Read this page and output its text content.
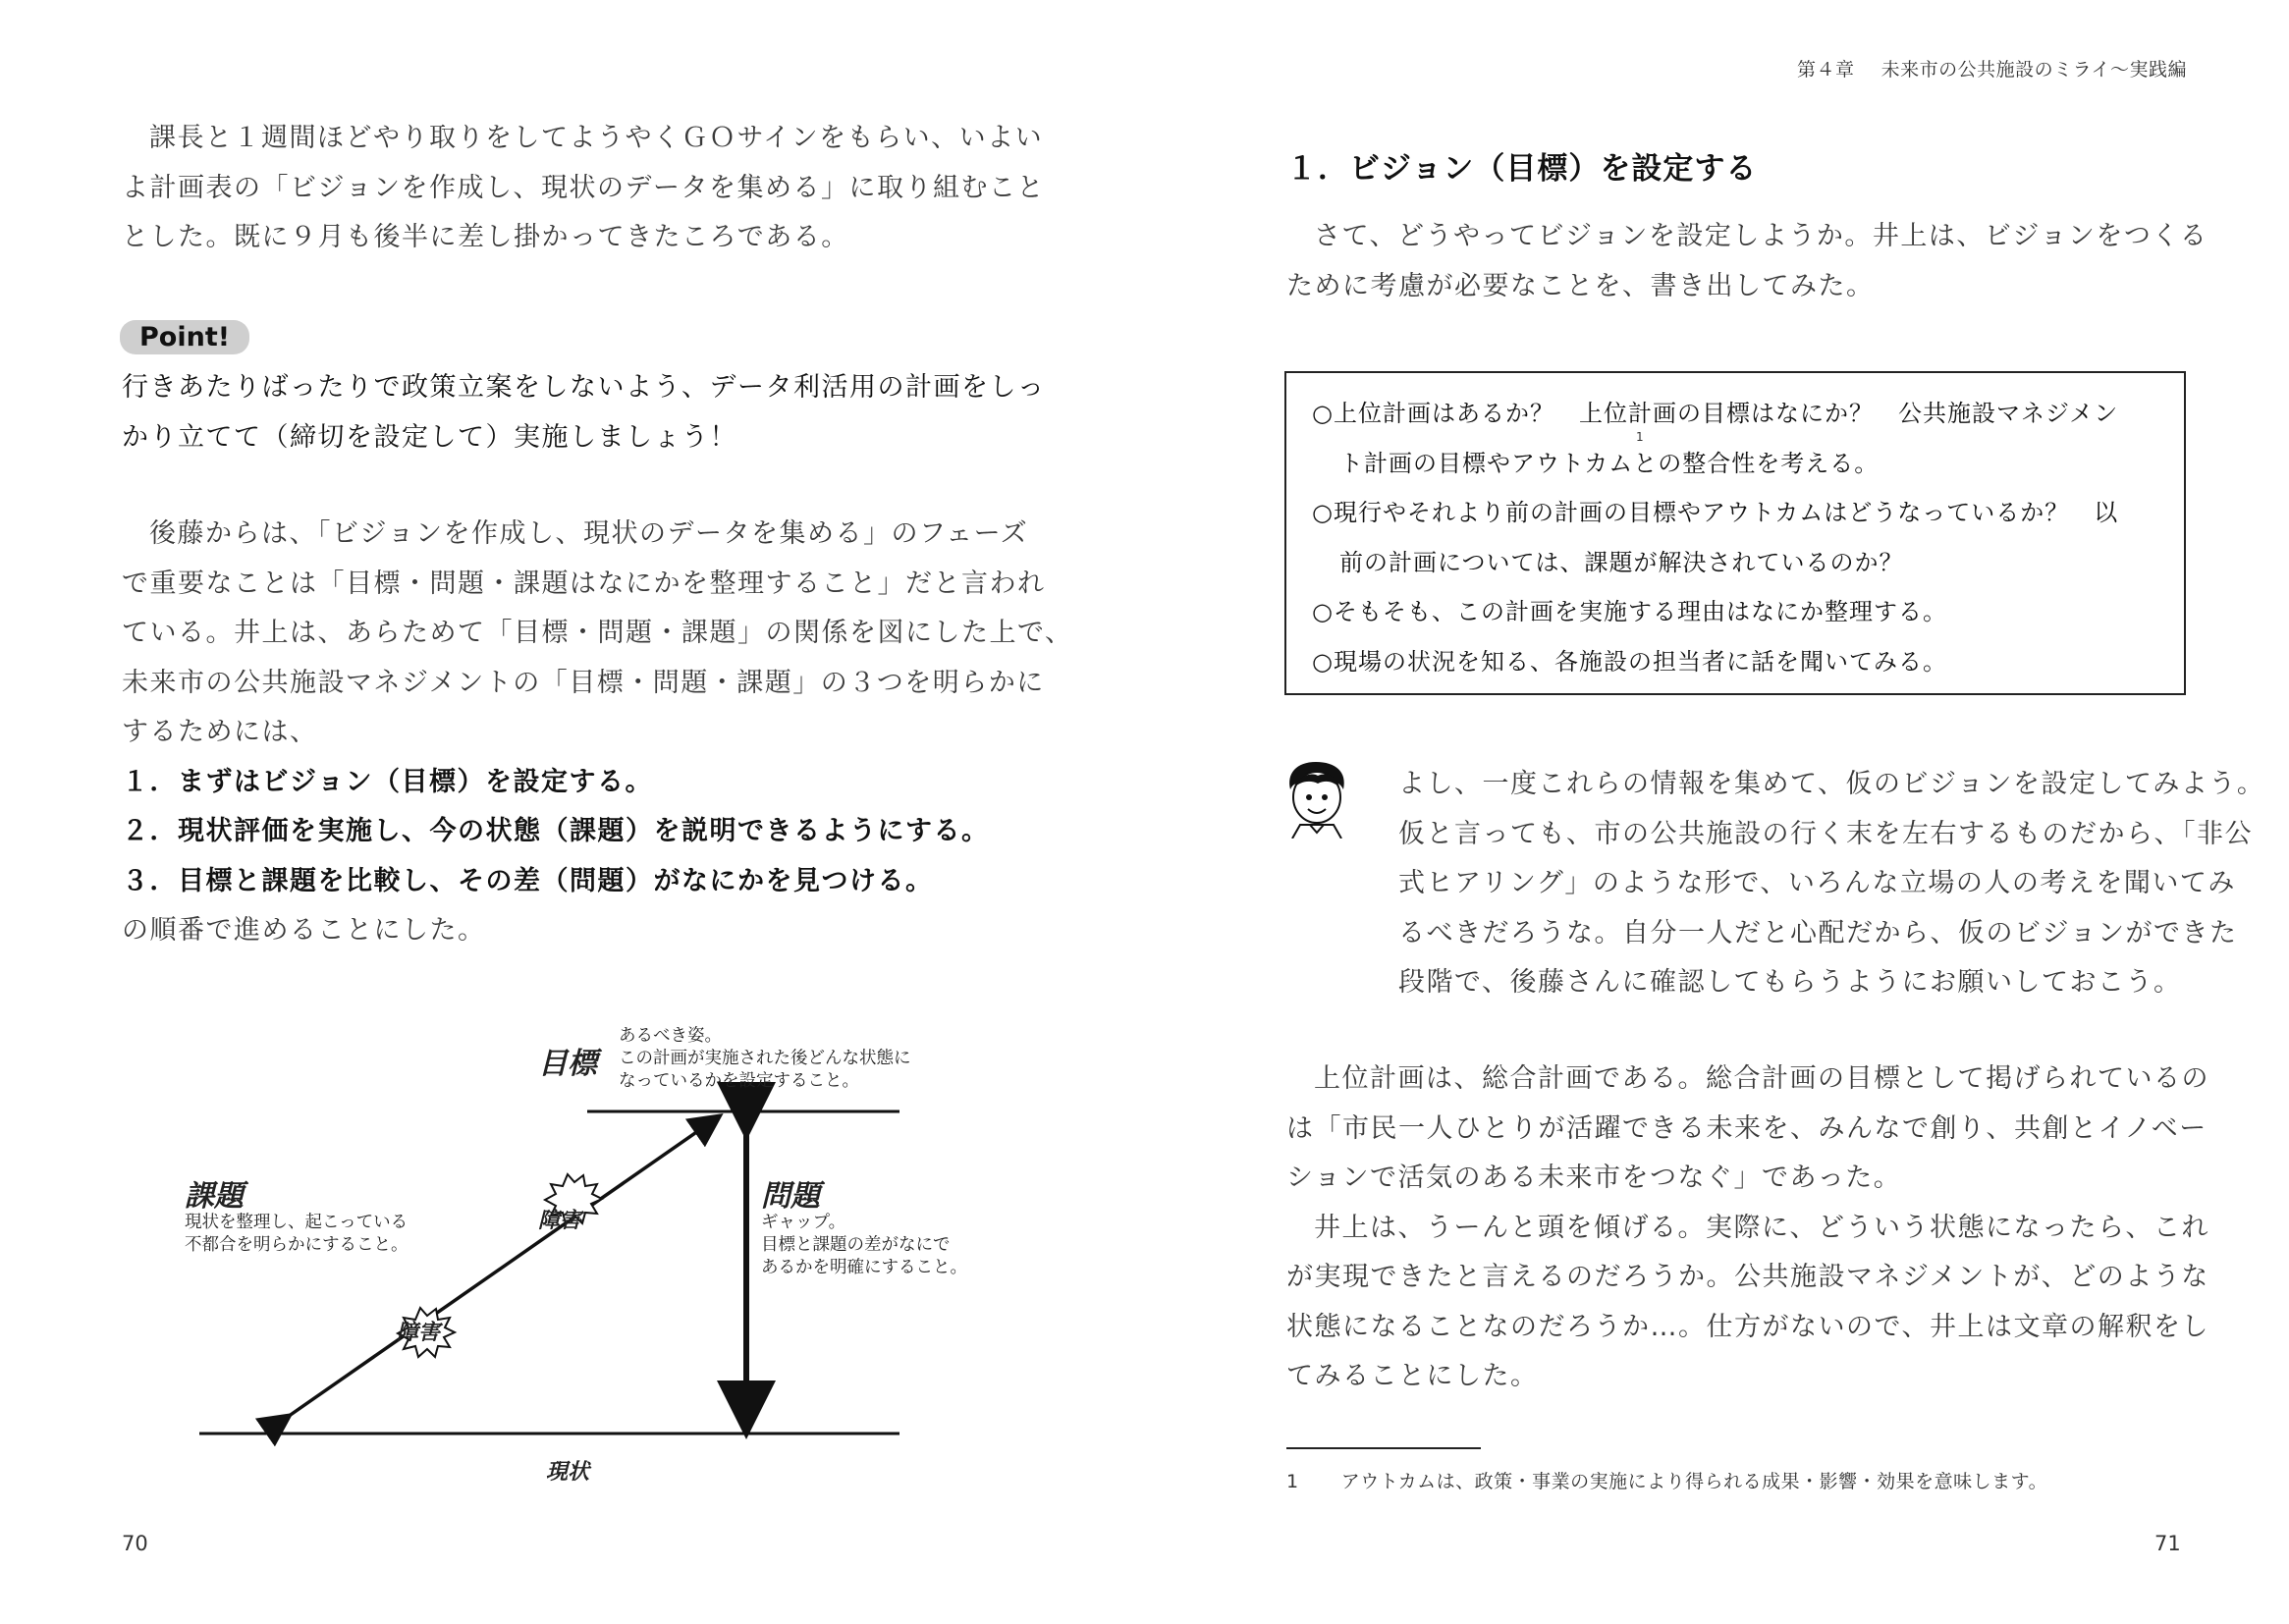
第４章 未来市の公共施設のミライ〜実践編

課長と１週間ほどやり取りをしてようやくＧＯサインをもらい、いよい

よ計画表の「ビジョンを作成し、現状のデータを集める」に取り組むこと

とした。既に９月も後半に差し掛かってきたころである。

Point!

行きあたりばったりで政策立案をしないよう、データ利活用の計画をしっ

かり立てて（締切を設定して）実施しましょう！

後藤からは、「ビジョンを作成し、現状のデータを集める」のフェーズ

で重要なことは「目標・問題・課題はなにかを整理すること」だと言われ

ている。井上は、あらためて「目標・問題・課題」の関係を図にした上で、

未来市の公共施設マネジメントの「目標・問題・課題」の３つを明らかに

するためには、

１．まずはビジョン（目標）を設定する。

２．現状評価を実施し、今の状態（課題）を説明できるようにする。

３．目標と課題を比較し、その差（問題）がなにかを見つける。

の順番で進めることにした。

目標

あるべき姿。

この計画が実施された後どんな状態に

なっているかを設定すること。

課題

現状を整理し、起こっている

不都合を明らかにすること。

問題

ギャップ。

目標と課題の差がなにで

あるかを明確にすること。

障害
障害
現状
70
１．ビジョン（目標）を設定する

さて、どうやってビジョンを設定しようか。井上は、ビジョンをつくる

ために考慮が必要なことを、書き出してみた。

○上位計画はあるか？　上位計画の目標はなにか？　公共施設マネジメン

ト計画の目標やアウトカムとの整合性を考える。

○現行やそれより前の計画の目標やアウトカムはどうなっているか？　以

前の計画については、課題が解決されているのか？

○そもそも、この計画を実施する理由はなにか整理する。

○現場の状況を知る、各施設の担当者に話を聞いてみる。

1

よし、一度これらの情報を集めて、仮のビジョンを設定してみよう。

仮と言っても、市の公共施設の行く末を左右するものだから、「非公

式ヒアリング」のような形で、いろんな立場の人の考えを聞いてみ

るべきだろうな。自分一人だと心配だから、仮のビジョンができた

段階で、後藤さんに確認してもらうようにお願いしておこう。

上位計画は、総合計画である。総合計画の目標として掲げられているの

は「市民一人ひとりが活躍できる未来を、みんなで創り、共創とイノベー

ションで活気のある未来市をつなぐ」であった。

井上は、うーんと頭を傾げる。実際に、どういう状態になったら、これ

が実現できたと言えるのだろうか。公共施設マネジメントが、どのような

状態になることなのだろうか…。仕方がないので、井上は文章の解釈をし

てみることにした。

1 アウトカムは、政策・事業の実施により得られる成果・影響・効果を意味します。
71
